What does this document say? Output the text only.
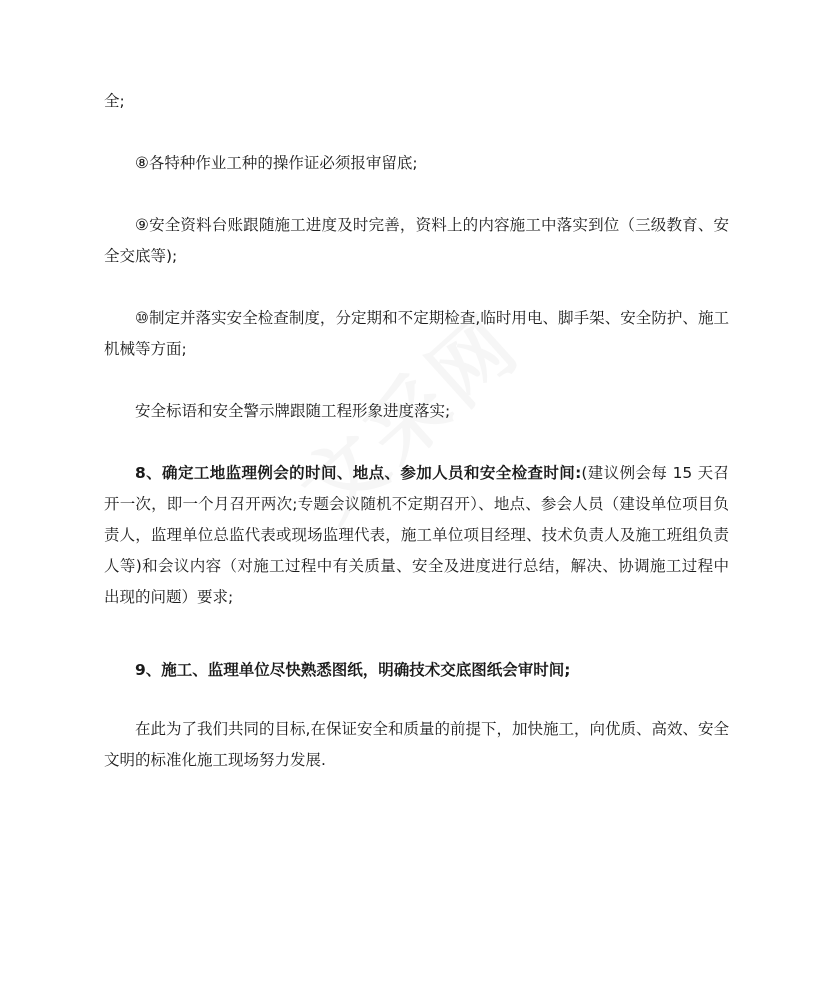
全;

⑧各特种作业工种的操作证必须报审留底;

⑨安全资料台账跟随施工进度及时完善，资料上的内容施工中落实到位（三级教育、安全交底等);

⑩制定并落实安全检查制度，分定期和不定期检查,临时用电、脚手架、安全防护、施工机械等方面;

安全标语和安全警示牌跟随工程形象进度落实;

8、确定工地监理例会的时间、地点、参加人员和安全检查时间:(建议例会每 15 天召开一次，即一个月召开两次;专题会议随机不定期召开）、地点、参会人员（建设单位项目负责人，监理单位总监代表或现场监理代表，施工单位项目经理、技术负责人及施工班组负责人等)和会议内容（对施工过程中有关质量、安全及进度进行总结，解决、协调施工过程中出现的问题）要求;

9、施工、监理单位尽快熟悉图纸，明确技术交底图纸会审时间;

在此为了我们共同的目标,在保证安全和质量的前提下，加快施工，向优质、高效、安全文明的标准化施工现场努力发展.
